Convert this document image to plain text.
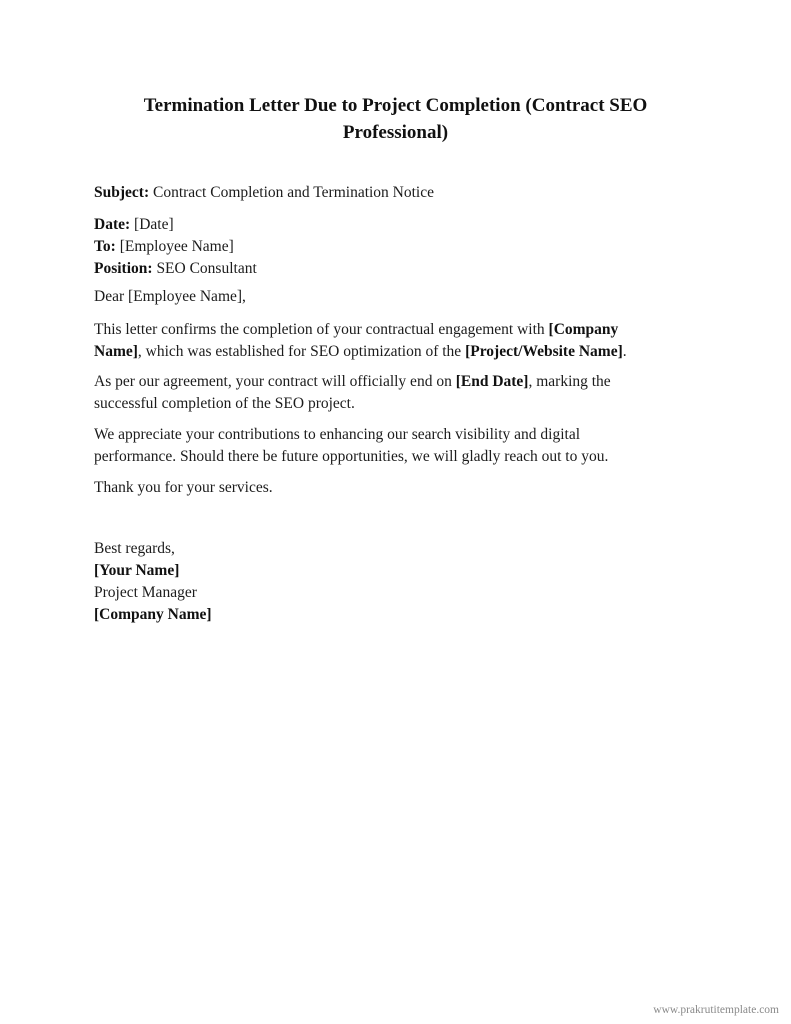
Termination Letter Due to Project Completion (Contract SEO
Professional)
Subject: Contract Completion and Termination Notice
Date: [Date]
To: [Employee Name]
Position: SEO Consultant
Dear [Employee Name],
This letter confirms the completion of your contractual engagement with [Company
Name], which was established for SEO optimization of the [Project/Website Name].
As per our agreement, your contract will officially end on [End Date], marking the
successful completion of the SEO project.
We appreciate your contributions to enhancing our search visibility and digital
performance. Should there be future opportunities, we will gladly reach out to you.
Thank you for your services.
Best regards,
[Your Name]
Project Manager
[Company Name]
www.prakrutitemplate.com
